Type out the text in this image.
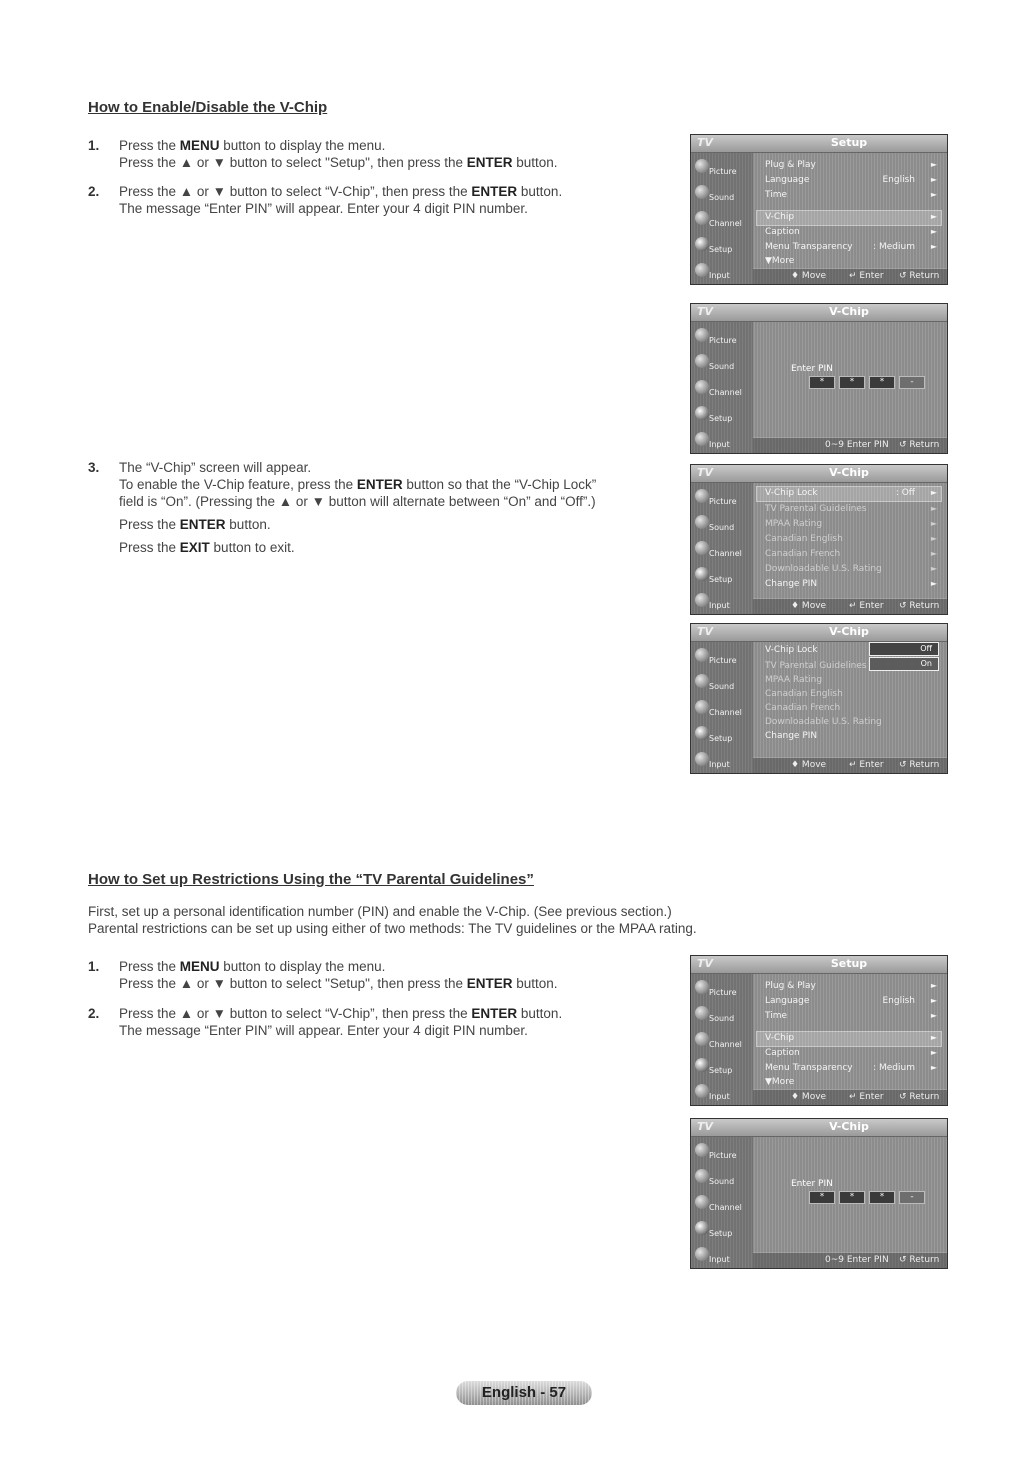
How to Enable/Disable the V-Chip
1.	Press the MENU button to display the menu.

Press the ▲ or ▼ button to select "Setup", then press the ENTER button.

2.	Press the ▲ or ▼ button to select “V-Chip”, then press the ENTER button.

The message “Enter PIN” will appear. Enter your 4 digit PIN number.

3.	The “V-Chip” screen will appear.

To enable the V-Chip feature, press the ENTER button so that the “V-Chip Lock”

field is “On”. (Pressing the ▲ or ▼ button will alternate between “On” and “Off”.)

Press the ENTER button.

Press the EXIT button to exit.

TV	Setup
Picture
Sound
Channel
Setup
Input
Plug & Play	►
Language	English ►
Time	►
V-Chip	►
Caption	►
Menu Transparency : Medium ►
▼More
♦ Move	↵ Enter ↺ Return
TV	V-Chip
Picture
Sound
Channel
Setup
Input
Enter PIN
*	*	*	-
0~9 Enter PIN ↺ Return
TV	V-Chip
Picture
Sound
Channel
Setup
Input
V-Chip Lock	: Off ►
TV Parental Guidelines	►
MPAA Rating	►
Canadian English	►
Canadian French	►
Downloadable U.S. Rating	►
Change PIN	►
♦ Move	↵ Enter ↺ Return
TV	V-Chip
Picture
Sound
Channel
Setup
Input
V-Chip Lock	Off
On
MPAA Rating
Canadian English
Canadian French
Downloadable U.S. Rating
TV Parental Guidelines
Change PIN
♦ Move	↵ Enter ↺ Return
How to Set up Restrictions Using the “TV Parental Guidelines”

First, set up a personal identification number (PIN) and enable the V-Chip. (See previous section.)

Parental restrictions can be set up using either of two methods: The TV guidelines or the MPAA rating.

1.	Press the MENU button to display the menu.

Press the ▲ or ▼ button to select "Setup", then press the ENTER button.

2.	Press the ▲ or ▼ button to select “V-Chip”, then press the ENTER button.

The message “Enter PIN” will appear. Enter your 4 digit PIN number.

TV	Setup
Picture
Sound
Channel
Setup
Input
Plug & Play	►
Language	English ►
Time	►
V-Chip	►
Caption	►
Menu Transparency : Medium ►
▼More
♦ Move	↵ Enter ↺ Return
TV	V-Chip
Picture
Sound
Channel
Setup
Input
Enter PIN
*	*	*	-
0~9 Enter PIN ↺ Return
English - 57
